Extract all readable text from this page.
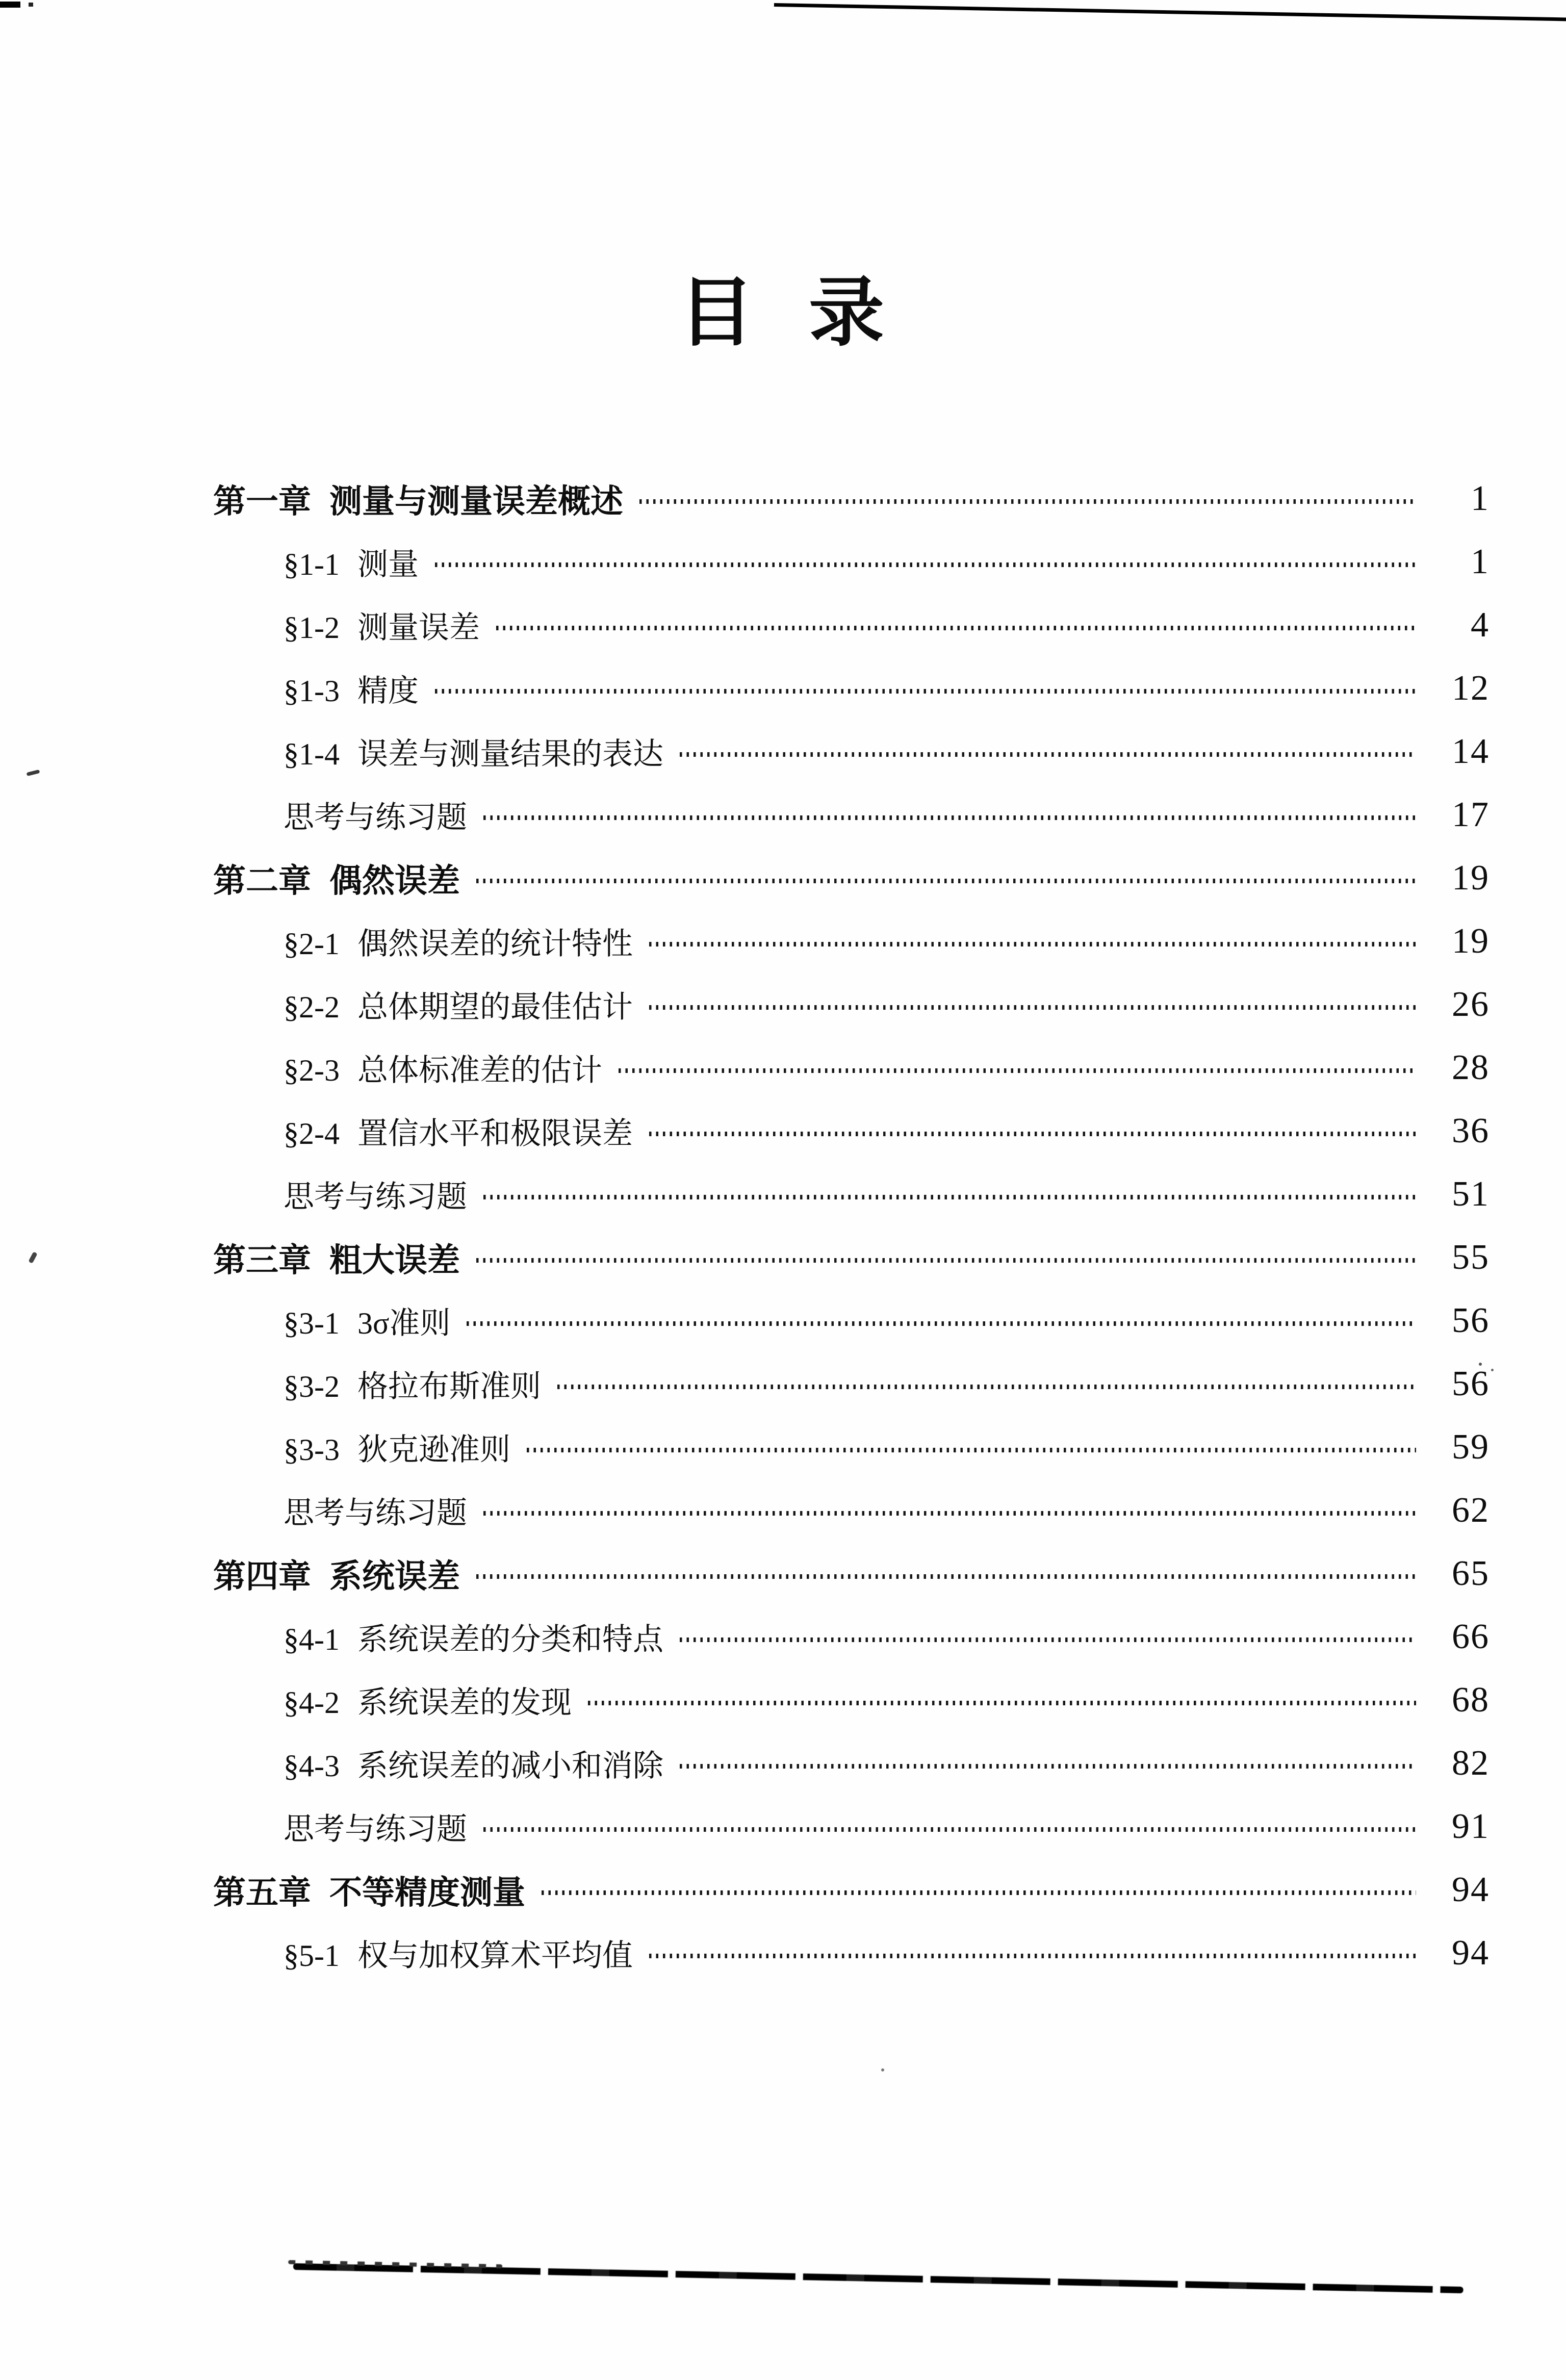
目 录
第一章 测量与测量误差概述	1
§1-1 测量	1
§1-2 测量误差	4
§1-3 精度	12
§1-4 误差与测量结果的表达	14
思考与练习题	17
第二章 偶然误差	19
§2-1 偶然误差的统计特性	19
§2-2 总体期望的最佳估计	26
§2-3 总体标准差的估计	28
§2-4 置信水平和极限误差	36
思考与练习题	51
第三章 粗大误差	55
§3-1 3σ准则	56
§3-2 格拉布斯准则	56
§3-3 狄克逊准则	59
思考与练习题	62
第四章 系统误差	65
§4-1 系统误差的分类和特点	66
§4-2 系统误差的发现	68
§4-3 系统误差的减小和消除	82
思考与练习题	91
第五章 不等精度测量	94
§5-1 权与加权算术平均值	94
